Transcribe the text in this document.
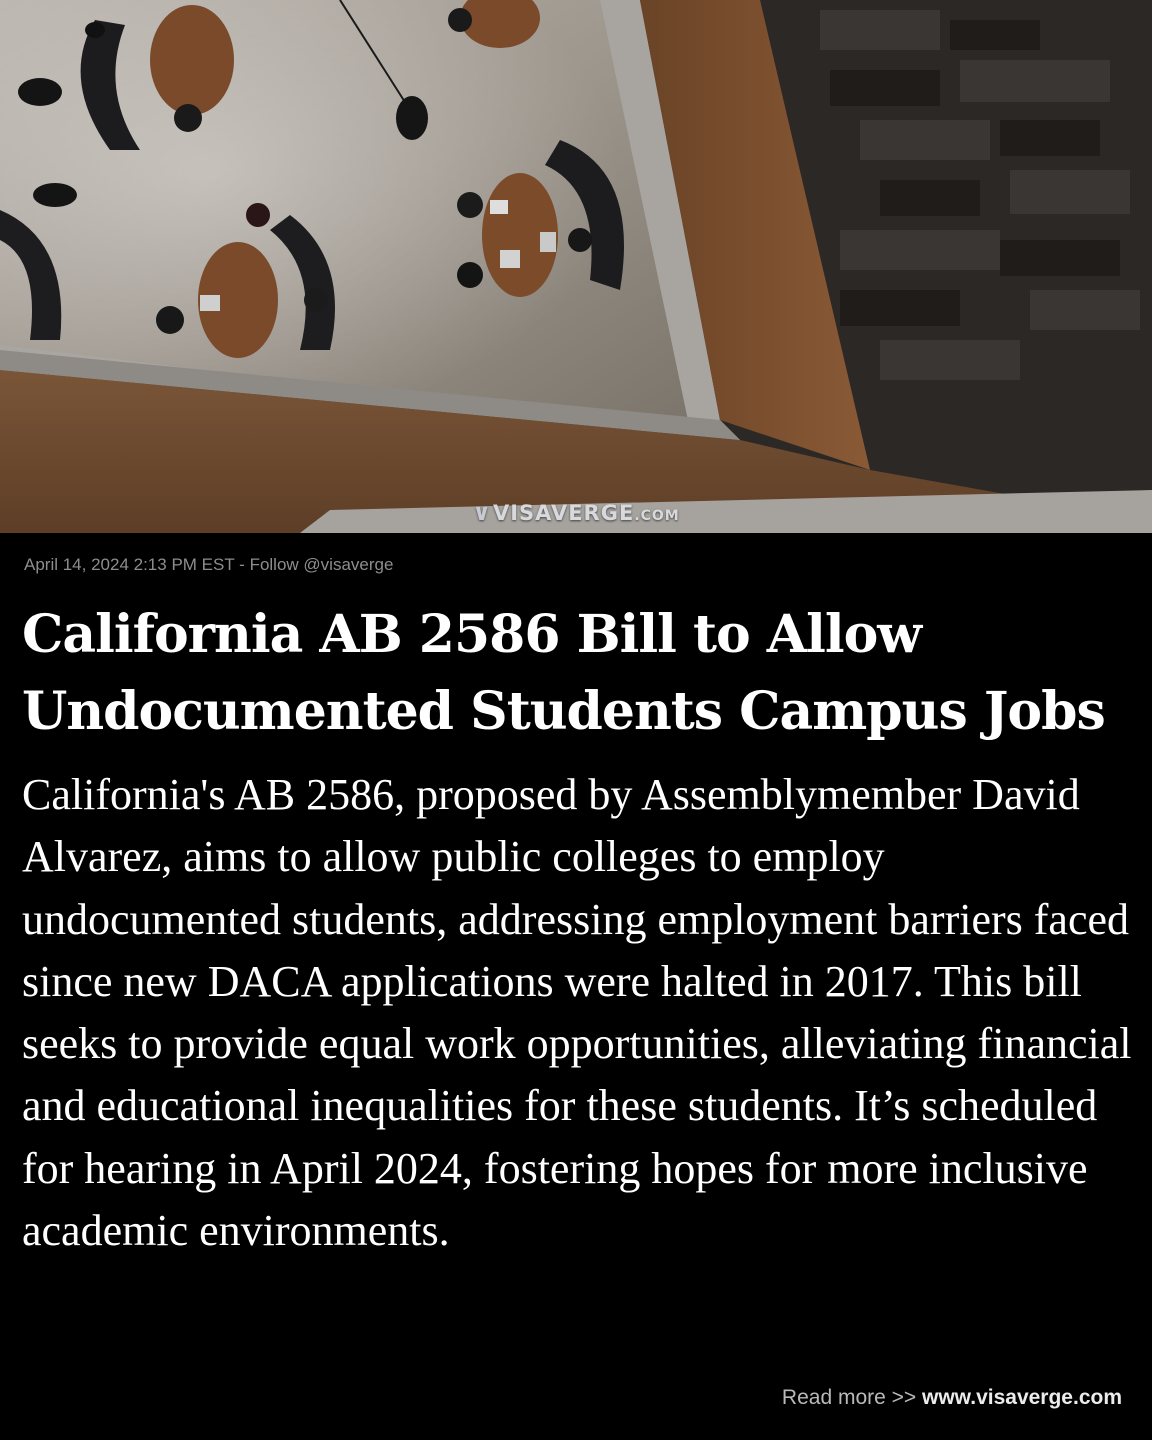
∨VISAVERGE.COM
April 14, 2024 2:13 PM EST - Follow @visaverge
California AB 2586 Bill to Allow Undocumented Students Campus Jobs

California's AB 2586, proposed by Assemblymember David Alvarez, aims to allow public colleges to employ undocumented students, addressing employment barriers faced since new DACA applications were halted in 2017. This bill seeks to provide equal work opportunities, alleviating financial and educational inequalities for these students. It’s scheduled for hearing in April 2024, fostering hopes for more inclusive academic environments.

Read more >> www.visaverge.com
